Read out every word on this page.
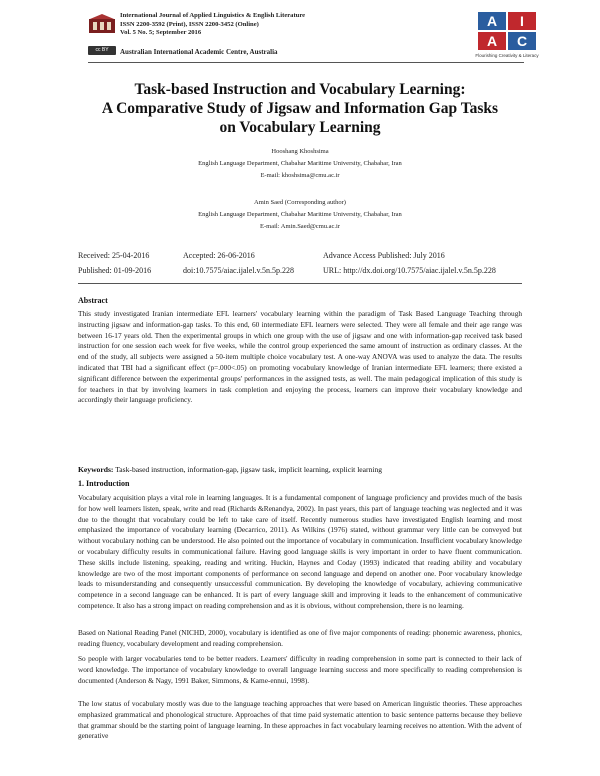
International Journal of Applied Linguistics & English Literature
ISSN 2200-3592 (Print), ISSN 2200-3452 (Online)
Vol. 5 No. 5; September 2016
cc BY	Australian International Academic Centre, Australia
A	I
A	C
Flourishing Creativity & Literacy
Task-based Instruction and Vocabulary Learning:
A Comparative Study of Jigsaw and Information Gap Tasks
on Vocabulary Learning
Hooshang Khoshsima
English Language Department, Chabahar Maritime University, Chabahar, Iran
E-mail: khoshsima@cmu.ac.ir
Amin Saed (Corresponding author)
English Language Department, Chabahar Maritime University, Chabahar, Iran
E-mail: Amin.Saed@cmu.ac.ir
Received: 25-04-2016	Accepted: 26-06-2016	Advance Access Published: July 2016
Published: 01-09-2016	doi:10.7575/aiac.ijalel.v.5n.5p.228	URL: http://dx.doi.org/10.7575/aiac.ijalel.v.5n.5p.228
Abstract
This study investigated Iranian intermediate EFL learners' vocabulary learning within the paradigm of Task Based Language Teaching through instructing jigsaw and information-gap tasks. To this end, 60 intermediate EFL learners were selected. They were all female and their age range was between 16-17 years old. Then the experimental groups in which one group with the use of jigsaw and one with information-gap received task based instruction for one session each week for five weeks, while the control group experienced the same amount of instruction as ordinary classes. At the end of the study, all subjects were assigned a 50-item multiple choice vocabulary test. A one-way ANOVA was used to analyze the data. The results indicated that TBI had a significant effect (p=.000<.05) on promoting vocabulary knowledge of Iranian intermediate EFL learners; there existed a significant difference between the experimental groups' performances in the assigned tests, as well. The main pedagogical implication of this study is for teachers in that by involving learners in task completion and enjoying the process, learners can improve their vocabulary knowledge and accordingly their language proficiency.
Keywords: Task-based instruction, information-gap, jigsaw task, implicit learning, explicit learning
1. Introduction
Vocabulary acquisition plays a vital role in learning languages. It is a fundamental component of language proficiency and provides much of the basis for how well learners listen, speak, write and read (Richards &Renandya, 2002). In past years, this part of language teaching was neglected and it was due to the thought that vocabulary could be left to take care of itself. Recently numerous studies have investigated English learning and most emphasized the importance of vocabulary learning (Decarrico, 2011). As Wilkins (1976) stated, without grammar very little can be conveyed but without vocabulary nothing can be understood. He also pointed out the importance of vocabulary in communication. Insufficient vocabulary knowledge or vocabulary difficulty results in communicational failure. Having good language skills is very important in order to have fluent communication. These skills include listening, speaking, reading and writing. Huckin, Haynes and Coday (1993) indicated that reading ability and vocabulary knowledge are two of the most important components of performance on second language and depend on another one. Poor vocabulary knowledge leads to misunderstanding and consequently unsuccessful communication. By developing the knowledge of vocabulary, achieving communicative competence in a second language can be enhanced. It is part of every language skill and improving it leads to the enhancement of communicative competence. It also has a strong impact on reading comprehension and as it is obvious, without comprehension, there is no learning.
Based on National Reading Panel (NICHD, 2000), vocabulary is identified as one of five major components of reading: phonemic awareness, phonics, reading fluency, vocabulary development and reading comprehension.
So people with larger vocabularies tend to be better readers. Learners' difficulty in reading comprehension in some part is connected to their lack of word knowledge. The importance of vocabulary knowledge to overall language learning success and more specifically to reading comprehension is documented (Anderson & Nagy, 1991 Baker, Simmons, & Kame-ennui, 1998).
The low status of vocabulary mostly was due to the language teaching approaches that were based on American linguistic theories. These approaches emphasized grammatical and phonological structure. Approaches of that time paid systematic attention to basic sentence patterns because they believe that grammar should be the starting point of language learning. In these approaches in fact vocabulary learning receives no attention. With the advent of generative
